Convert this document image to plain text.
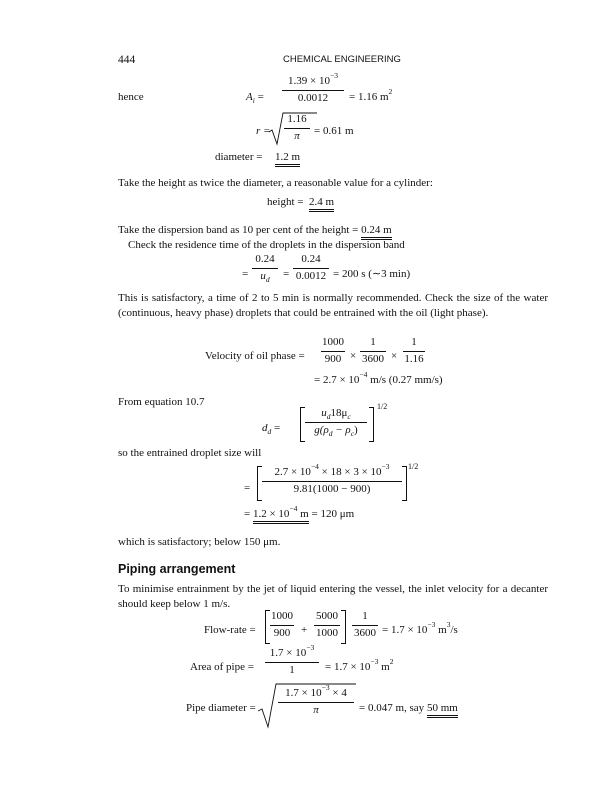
444	CHEMICAL ENGINEERING
hence	$A_i$ =
$1.39 \times 10^{-3}$
0.0012	= 1.16 $m^2$
r =
1.16
π	= 0.61 m
diameter = 1.2 m
Take the height as twice the diameter, a reasonable value for a cylinder:
height = 2.4 m
Take the dispersion band as 10 per cent of the height = 0.24 m
Check the residence time of the droplets in the dispersion band
=
0.24
$u_d$	=
0.24
0.0012 = 200 s (∼3 min)
This is satisfactory, a time of 2 to 5 min is normally recommended. Check the size of the water (continuous, heavy phase) droplets that could be entrained with the oil (light phase).
Velocity of oil phase =
1000
900 ×
1
3600 ×
1
1.16
= $2.7 \times 10^{-4}$ m/s (0.27 mm/s)
From equation 10.7
$d_d$ =
$u_d18\mu_c$
$g(\rho_d - \rho_c)$
1/2
so the entrained droplet size will
=
$2.7 \times 10^{-4} \times 18 \times 3 \times 10^{-3}$
9.81(1000 − 900)
1/2
= $1.2 \times 10^{-4}$ m = 120 μm
which is satisfactory; below 150 μm.
Piping arrangement
To minimise entrainment by the jet of liquid entering the vessel, the inlet velocity for a decanter should keep below 1 m/s.
Flow-rate =
1000
900 +
5000
1000
1
$3600 = 1.7 \times 10^{-3}$ $m^3/s$
Area of pipe =
$1.7 \times 10^{-3}$
1	= $1.7 \times 10^{-3}$ $m^2$
Pipe diameter =
$1.7 \times 10^{-3} \times 4$
π	= 0.047 m, say 50 mm
